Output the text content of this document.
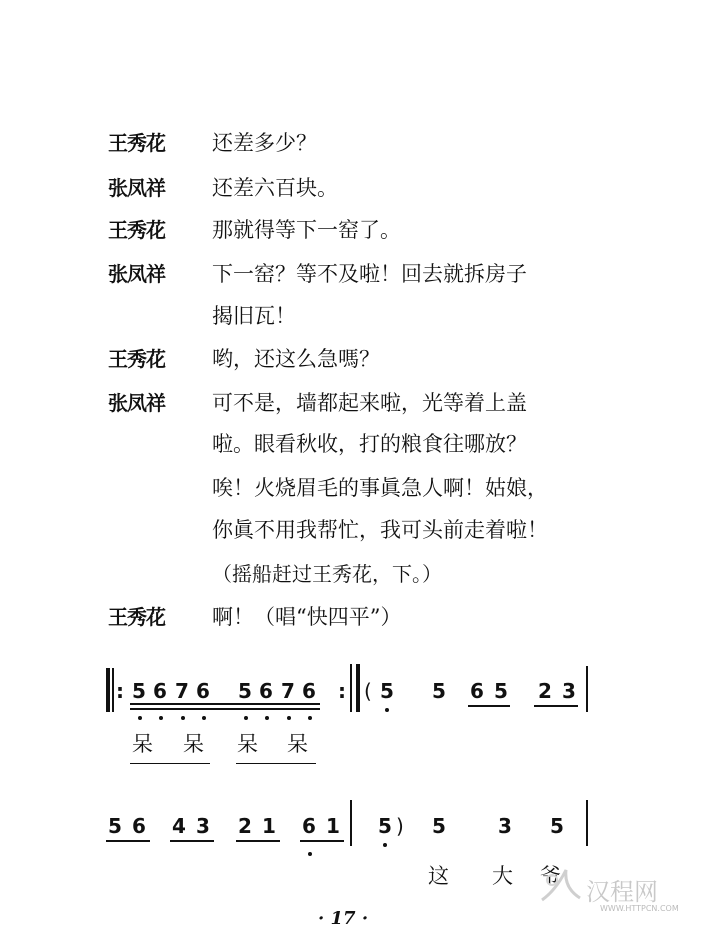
王秀花 还差多少？
张凤祥 还差六百块。
王秀花 那就得等下一窑了。
张凤祥 下一窑？等不及啦！回去就拆房子
揭旧瓦！
王秀花 哟，还这么急嗎？
张凤祥 可不是，墙都起来啦，光等着上盖
啦。眼看秋收，打的粮食往哪放？
唉！火烧眉毛的事眞急人啊！姑娘，
你眞不用我帮忙，我可头前走着啦！
（摇船赶过王秀花，下。）
王秀花 啊！（唱“快四平”）
: 5 6 7 6 5 6 7 6 : ( 5 5 6 5 2 3
呆 呆 呆 呆
5 6 4 3 2 1 6 1 5 ) 5	3 5
这 大 爷
汉程网
WWW.HTTPCN.COM
· 17 ·
